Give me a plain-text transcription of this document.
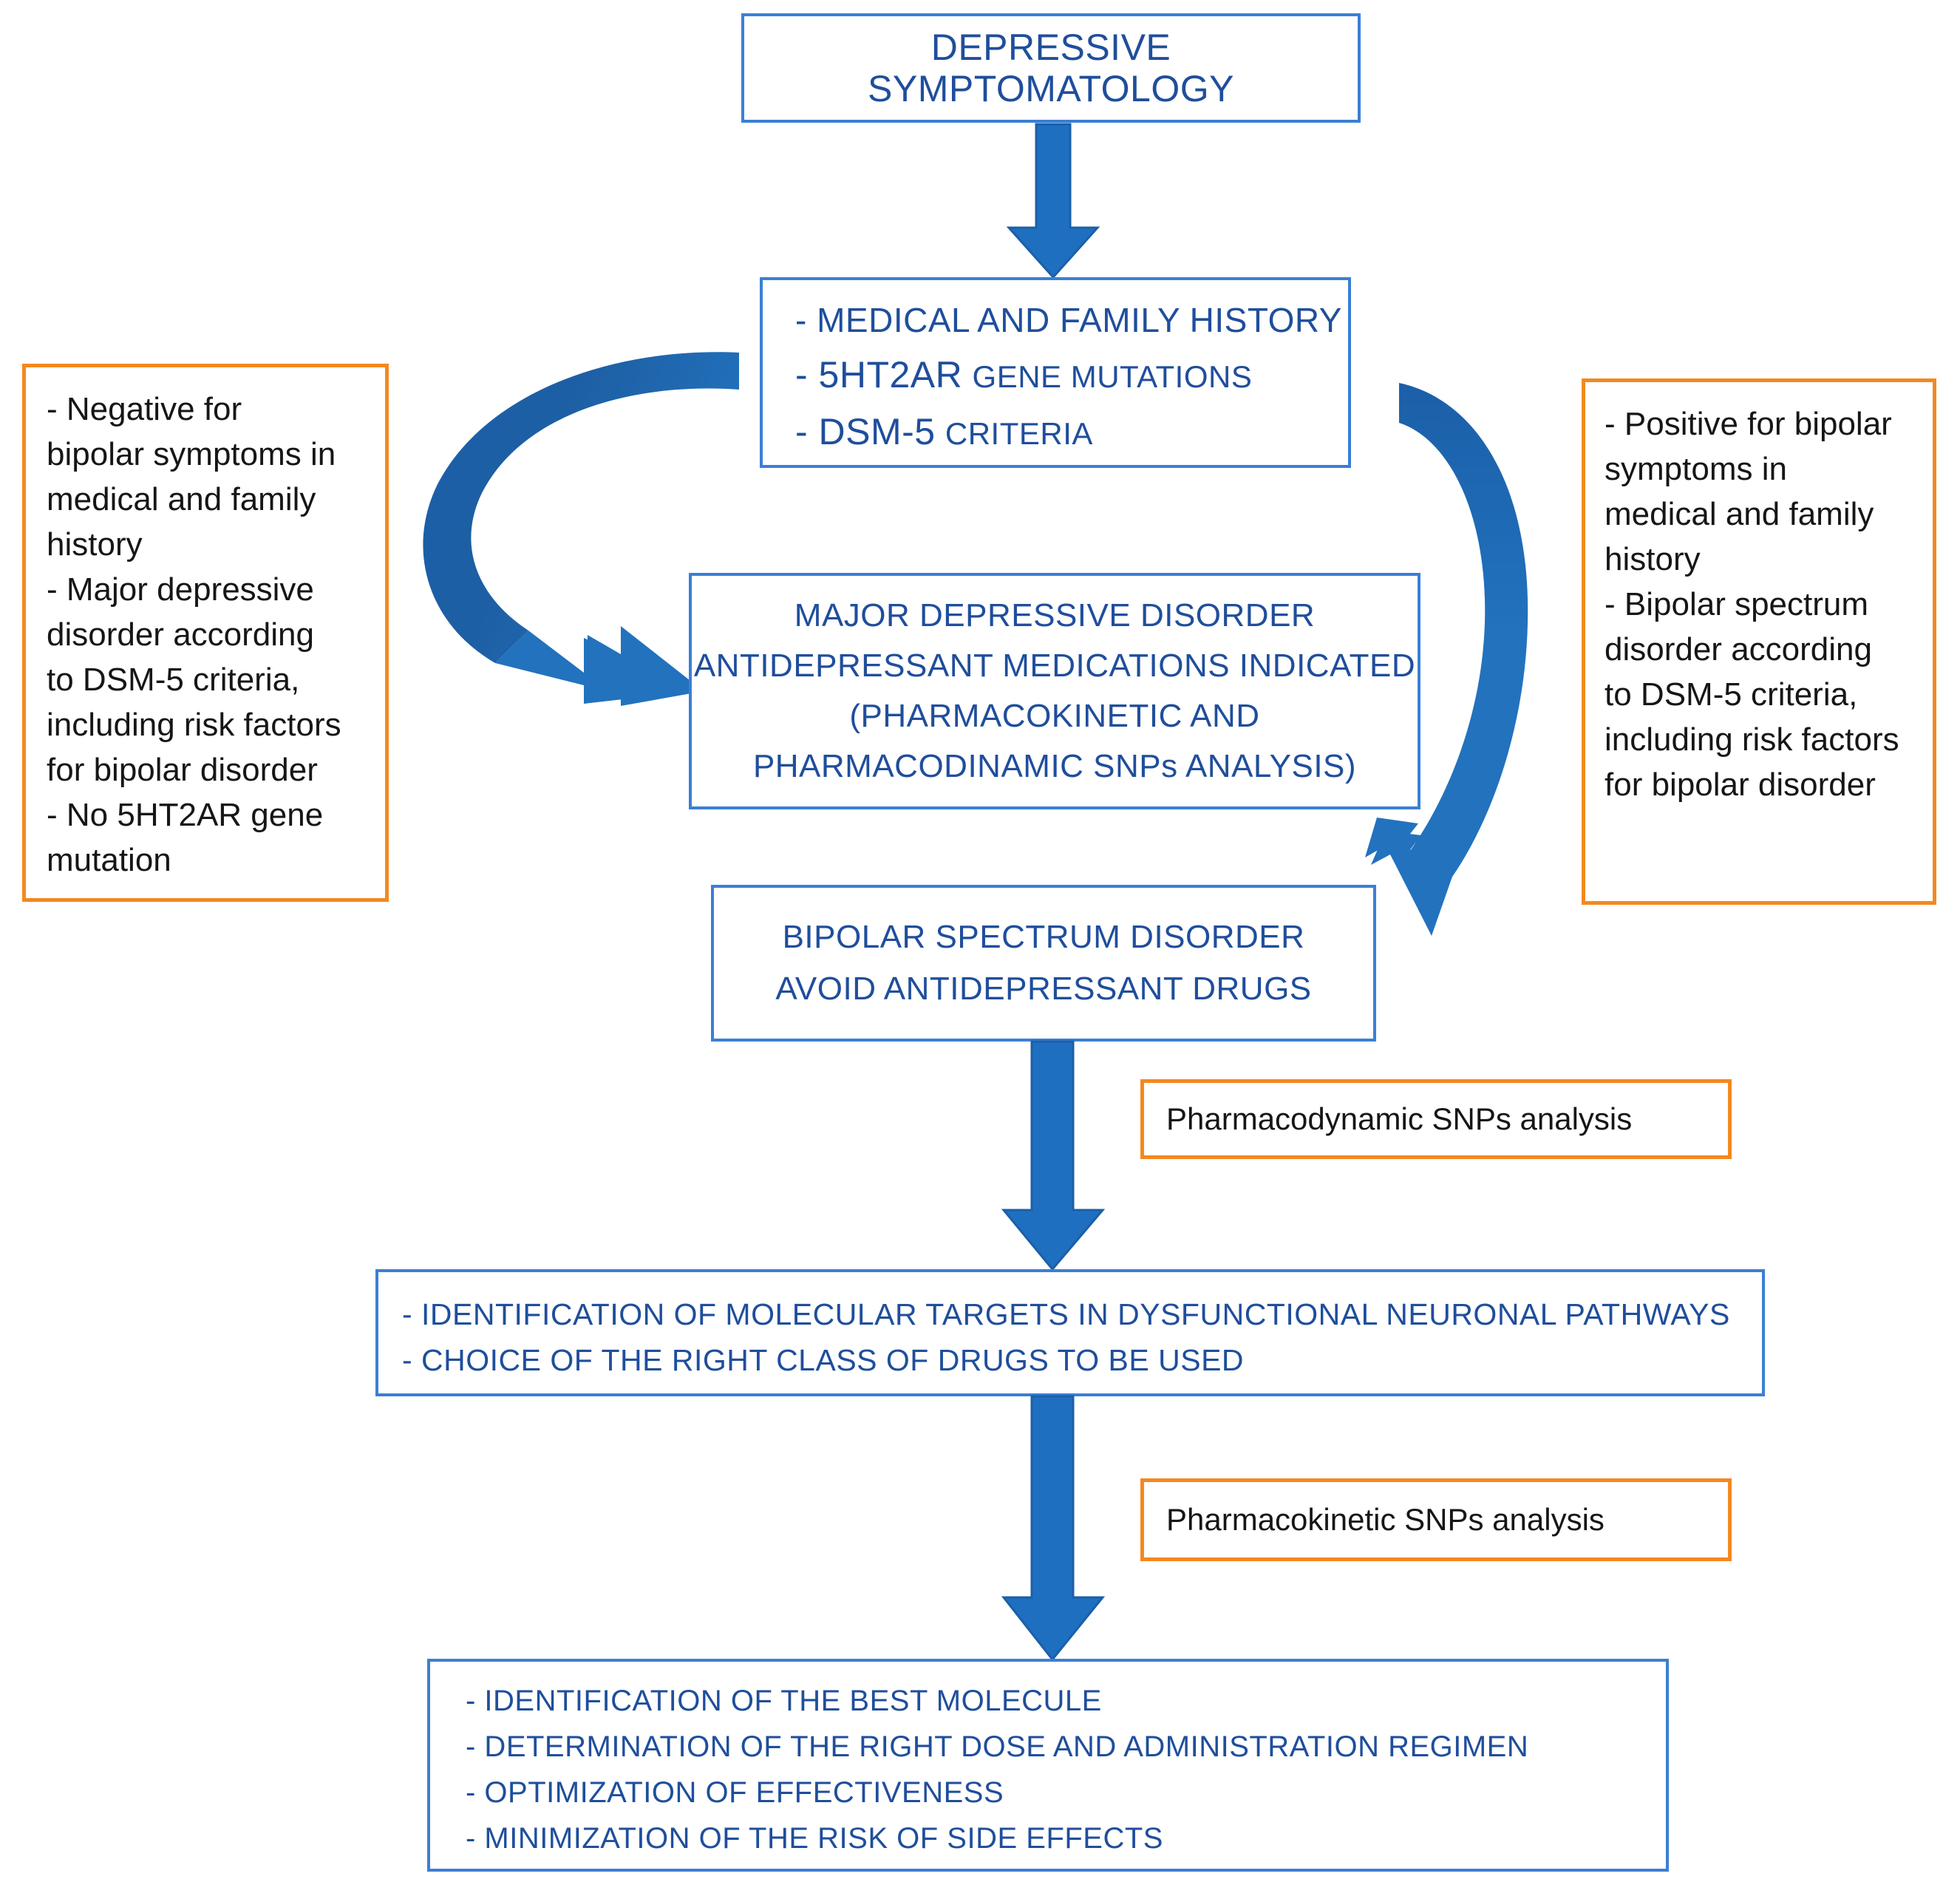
DEPRESSIVE SYMPTOMATOLOGY
- MEDICAL AND FAMILY HISTORY
- 5HT2AR GENE MUTATIONS
- DSM-5 CRITERIA
- Negative for
bipolar symptoms in
medical and family
history
- Major depressive
disorder according
to DSM-5 criteria,
including risk factors
for bipolar disorder
- No 5HT2AR gene
mutation
- Positive for bipolar
symptoms in
medical and family
history
- Bipolar spectrum
disorder according
to DSM-5 criteria,
including risk factors
for bipolar disorder
MAJOR DEPRESSIVE DISORDER
ANTIDEPRESSANT MEDICATIONS INDICATED
(PHARMACOKINETIC AND
PHARMACODINAMIC SNPs ANALYSIS)
BIPOLAR SPECTRUM DISORDER
AVOID ANTIDEPRESSANT DRUGS
Pharmacodynamic SNPs analysis
- IDENTIFICATION OF MOLECULAR TARGETS IN DYSFUNCTIONAL NEURONAL PATHWAYS
- CHOICE OF THE RIGHT CLASS OF DRUGS TO BE USED
Pharmacokinetic SNPs analysis
- IDENTIFICATION OF THE BEST MOLECULE
- DETERMINATION OF THE RIGHT DOSE AND ADMINISTRATION REGIMEN
- OPTIMIZATION OF EFFECTIVENESS
- MINIMIZATION OF THE RISK OF SIDE EFFECTS
